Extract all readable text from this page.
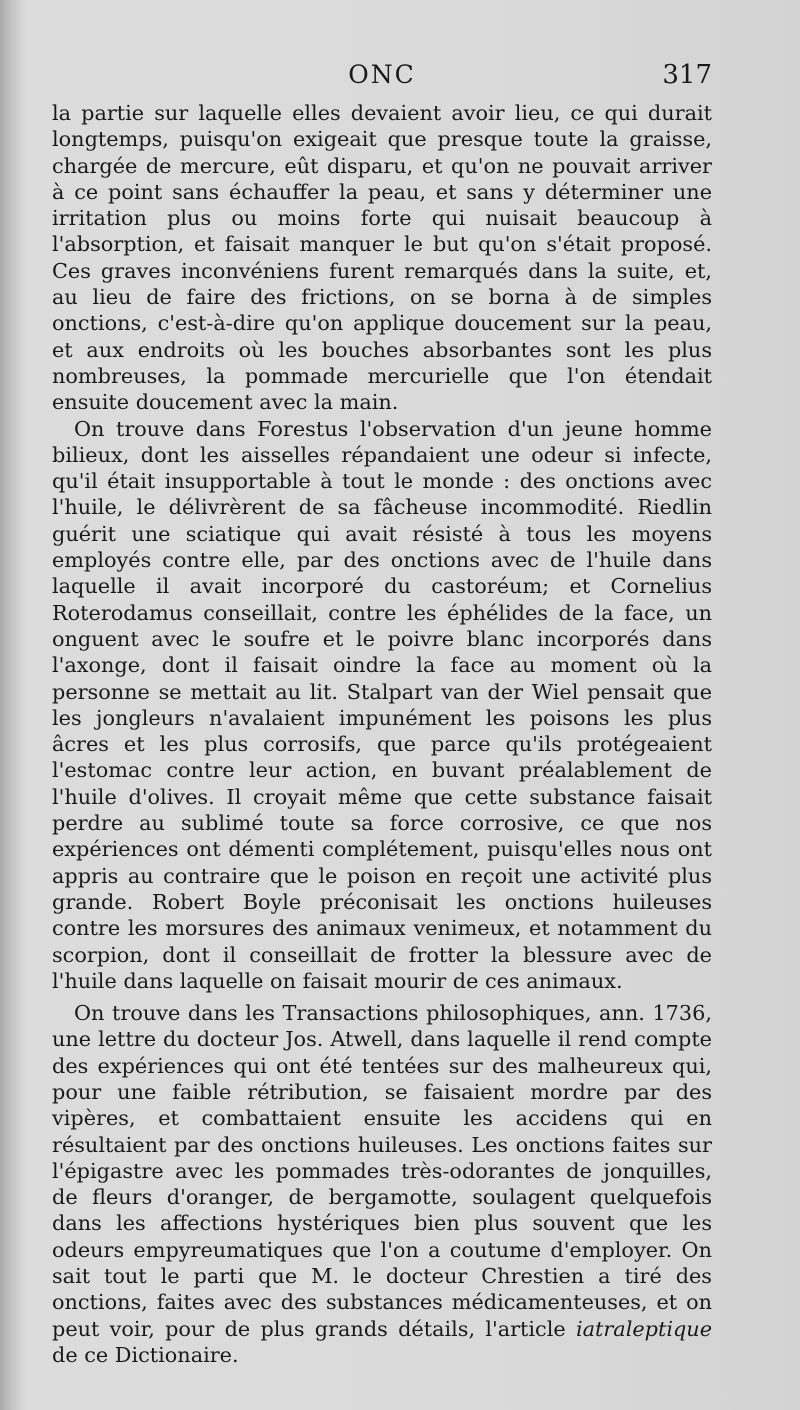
ONC	317

la partie sur laquelle elles devaient avoir lieu, ce qui durait longtemps, puisqu'on exigeait que presque toute la graisse, chargée de mercure, eût disparu, et qu'on ne pouvait arriver à ce point sans échauffer la peau, et sans y déterminer une irritation plus ou moins forte qui nuisait beaucoup à l'absorption, et faisait manquer le but qu'on s'était proposé. Ces graves inconvéniens furent remarqués dans la suite, et, au lieu de faire des frictions, on se borna à de simples onctions, c'est-à-dire qu'on applique doucement sur la peau, et aux endroits où les bouches absorbantes sont les plus nombreuses, la pommade mercurielle que l'on étendait ensuite doucement avec la main.

On trouve dans Forestus l'observation d'un jeune homme bilieux, dont les aisselles répandaient une odeur si infecte, qu'il était insupportable à tout le monde : des onctions avec l'huile, le délivrèrent de sa fâcheuse incommodité. Riedlin guérit une sciatique qui avait résisté à tous les moyens employés contre elle, par des onctions avec de l'huile dans laquelle il avait incorporé du castoréum; et Cornelius Roterodamus conseillait, contre les éphélides de la face, un onguent avec le soufre et le poivre blanc incorporés dans l'axonge, dont il faisait oindre la face au moment où la personne se mettait au lit. Stalpart van der Wiel pensait que les jongleurs n'avalaient impunément les poisons les plus âcres et les plus corrosifs, que parce qu'ils protégeaient l'estomac contre leur action, en buvant préalablement de l'huile d'olives. Il croyait même que cette substance faisait perdre au sublimé toute sa force corrosive, ce que nos expériences ont démenti complétement, puisqu'elles nous ont appris au contraire que le poison en reçoit une activité plus grande. Robert Boyle préconisait les onctions huileuses contre les morsures des animaux venimeux, et notamment du scorpion, dont il conseillait de frotter la blessure avec de l'huile dans laquelle on faisait mourir de ces animaux.

On trouve dans les Transactions philosophiques, ann. 1736, une lettre du docteur Jos. Atwell, dans laquelle il rend compte des expériences qui ont été tentées sur des malheureux qui, pour une faible rétribution, se faisaient mordre par des vipères, et combattaient ensuite les accidens qui en résultaient par des onctions huileuses. Les onctions faites sur l'épigastre avec les pommades très-odorantes de jonquilles, de fleurs d'oranger, de bergamotte, soulagent quelquefois dans les affections hystériques bien plus souvent que les odeurs empyreumatiques que l'on a coutume d'employer. On sait tout le parti que M. le docteur Chrestien a tiré des onctions, faites avec des substances médicamenteuses, et on peut voir, pour de plus grands détails, l'article iatraleptique de ce Dictionaire.
